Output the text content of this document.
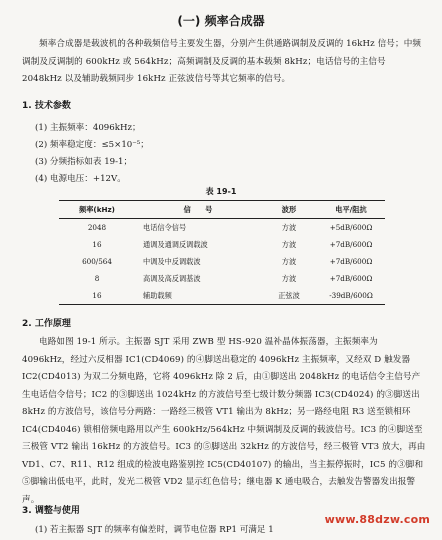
(一) 频率合成器
频率合成器是载波机的各种载频信号主要发生器，分别产生供通路调制及反调的 16kHz 信号；中频调制及反调制的 600kHz 或 564kHz；高频调制及反调的基本载频 8kHz；电话信号的主信号 2048kHz 以及辅助载频同步 16kHz 正弦波信号等其它频率的信号。
1. 技术参数
(1) 主振频率：4096kHz；
(2) 频率稳定度：≤5×10⁻⁵；
(3) 分频指标如表 19-1；
(4) 电源电压：+12V。
表 19-1
频率(kHz)	信　　号	波形	电平/阻抗
2048	电话信令信号	方波	+5dB/600Ω
16	通调及通调反调载波	方波	+7dB/600Ω
600/564	中调及中反调载波	方波	+7dB/600Ω
8	高调及高反调基波	方波	+7dB/600Ω
16	辅助载频	正弦波	-39dB/600Ω
2. 工作原理
电路如图 19-1 所示。主振器 SJT 采用 ZWB 型 HS-920 温补晶体振荡器，主振频率为 4096kHz，经过六反相器 IC1(CD4069) 的④脚送出稳定的 4096kHz 主振频率，又经双 D 触发器 IC2(CD4013) 为双二分频电路，它将 4096kHz 除 2 后，由①脚送出 2048kHz 的电话信令主信号产生电话信令信号；IC2 的③脚送出 1024kHz 的方波信号至七级计数分频器 IC3(CD4024) 的③脚送出 8kHz 的方波信号，该信号分两路：一路经三极管 VT1 输出为 8kHz；另一路经电阻 R3 送至锁相环 IC4(CD4046) 锁相倍频电路用以产生 600kHz/564kHz 中频调制及反调的载波信号。IC3 的④脚送至三极管 VT2 输出 16kHz 的方波信号。IC3 的⑤脚送出 32kHz 的方波信号，经三极管 VT3 放大，再由 VD1、C7、R11、R12 组成的检波电路鉴别控 IC5(CD40107) 的输出，当主振停振时，IC5 的③脚和⑤脚输出低电平，此时，发光二极管 VD2 显示红色信号；继电器 K 通电吸合，去触发告警器发出报警声。
3. 调整与使用
(1) 若主振器 SJT 的频率有偏差时，调节电位器 RP1 可满足 1
www.88dzw.com
